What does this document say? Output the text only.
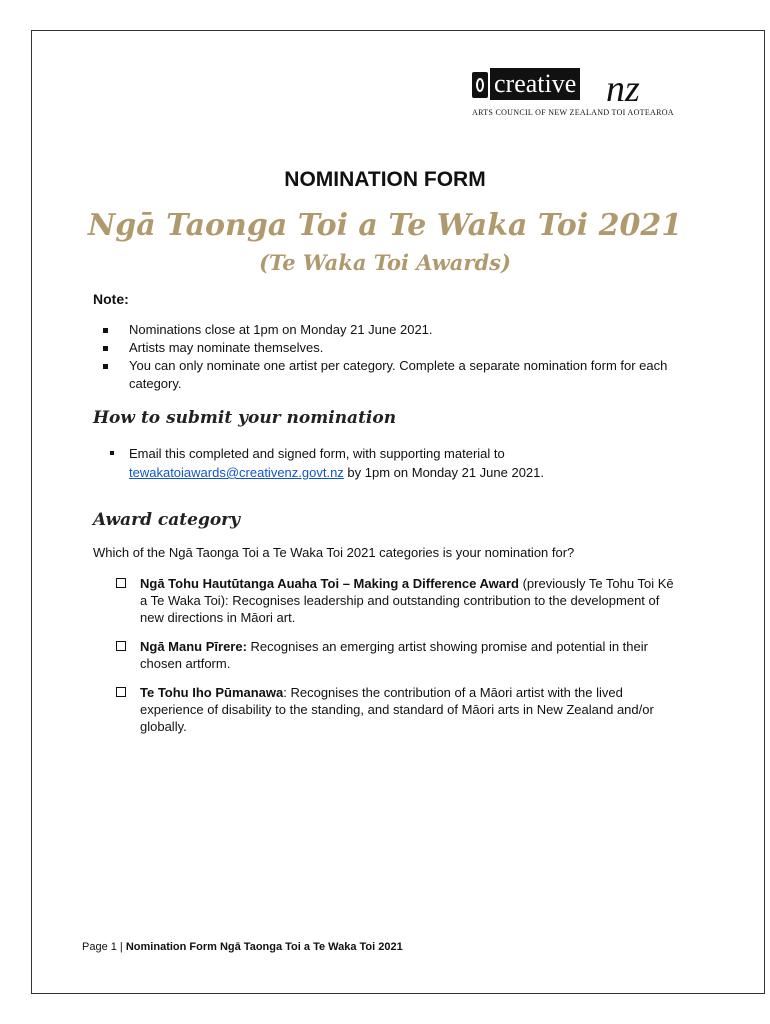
creative nz
ARTS COUNCIL OF NEW ZEALAND TOI AOTEAROA
NOMINATION FORM
Ngā Taonga Toi a Te Waka Toi 2021
(Te Waka Toi Awards)
Note:
Nominations close at 1pm on Monday 21 June 2021.
Artists may nominate themselves.
You can only nominate one artist per category. Complete a separate nomination form for each category.
How to submit your nomination
Email this completed and signed form, with supporting material to
tewakatoiawards@creativenz.govt.nz by 1pm on Monday 21 June 2021.
Award category
Which of the Ngā Taonga Toi a Te Waka Toi 2021 categories is your nomination for?
Ngā Tohu Hautūtanga Auaha Toi – Making a Difference Award (previously Te Tohu Toi Kē a Te Waka Toi): Recognises leadership and outstanding contribution to the development of new directions in Māori art.
Ngā Manu Pīrere: Recognises an emerging artist showing promise and potential in their chosen artform.
Te Tohu Iho Pūmanawa: Recognises the contribution of a Māori artist with the lived experience of disability to the standing, and standard of Māori arts in New Zealand and/or globally.
Page 1 | Nomination Form Ngā Taonga Toi a Te Waka Toi 2021
